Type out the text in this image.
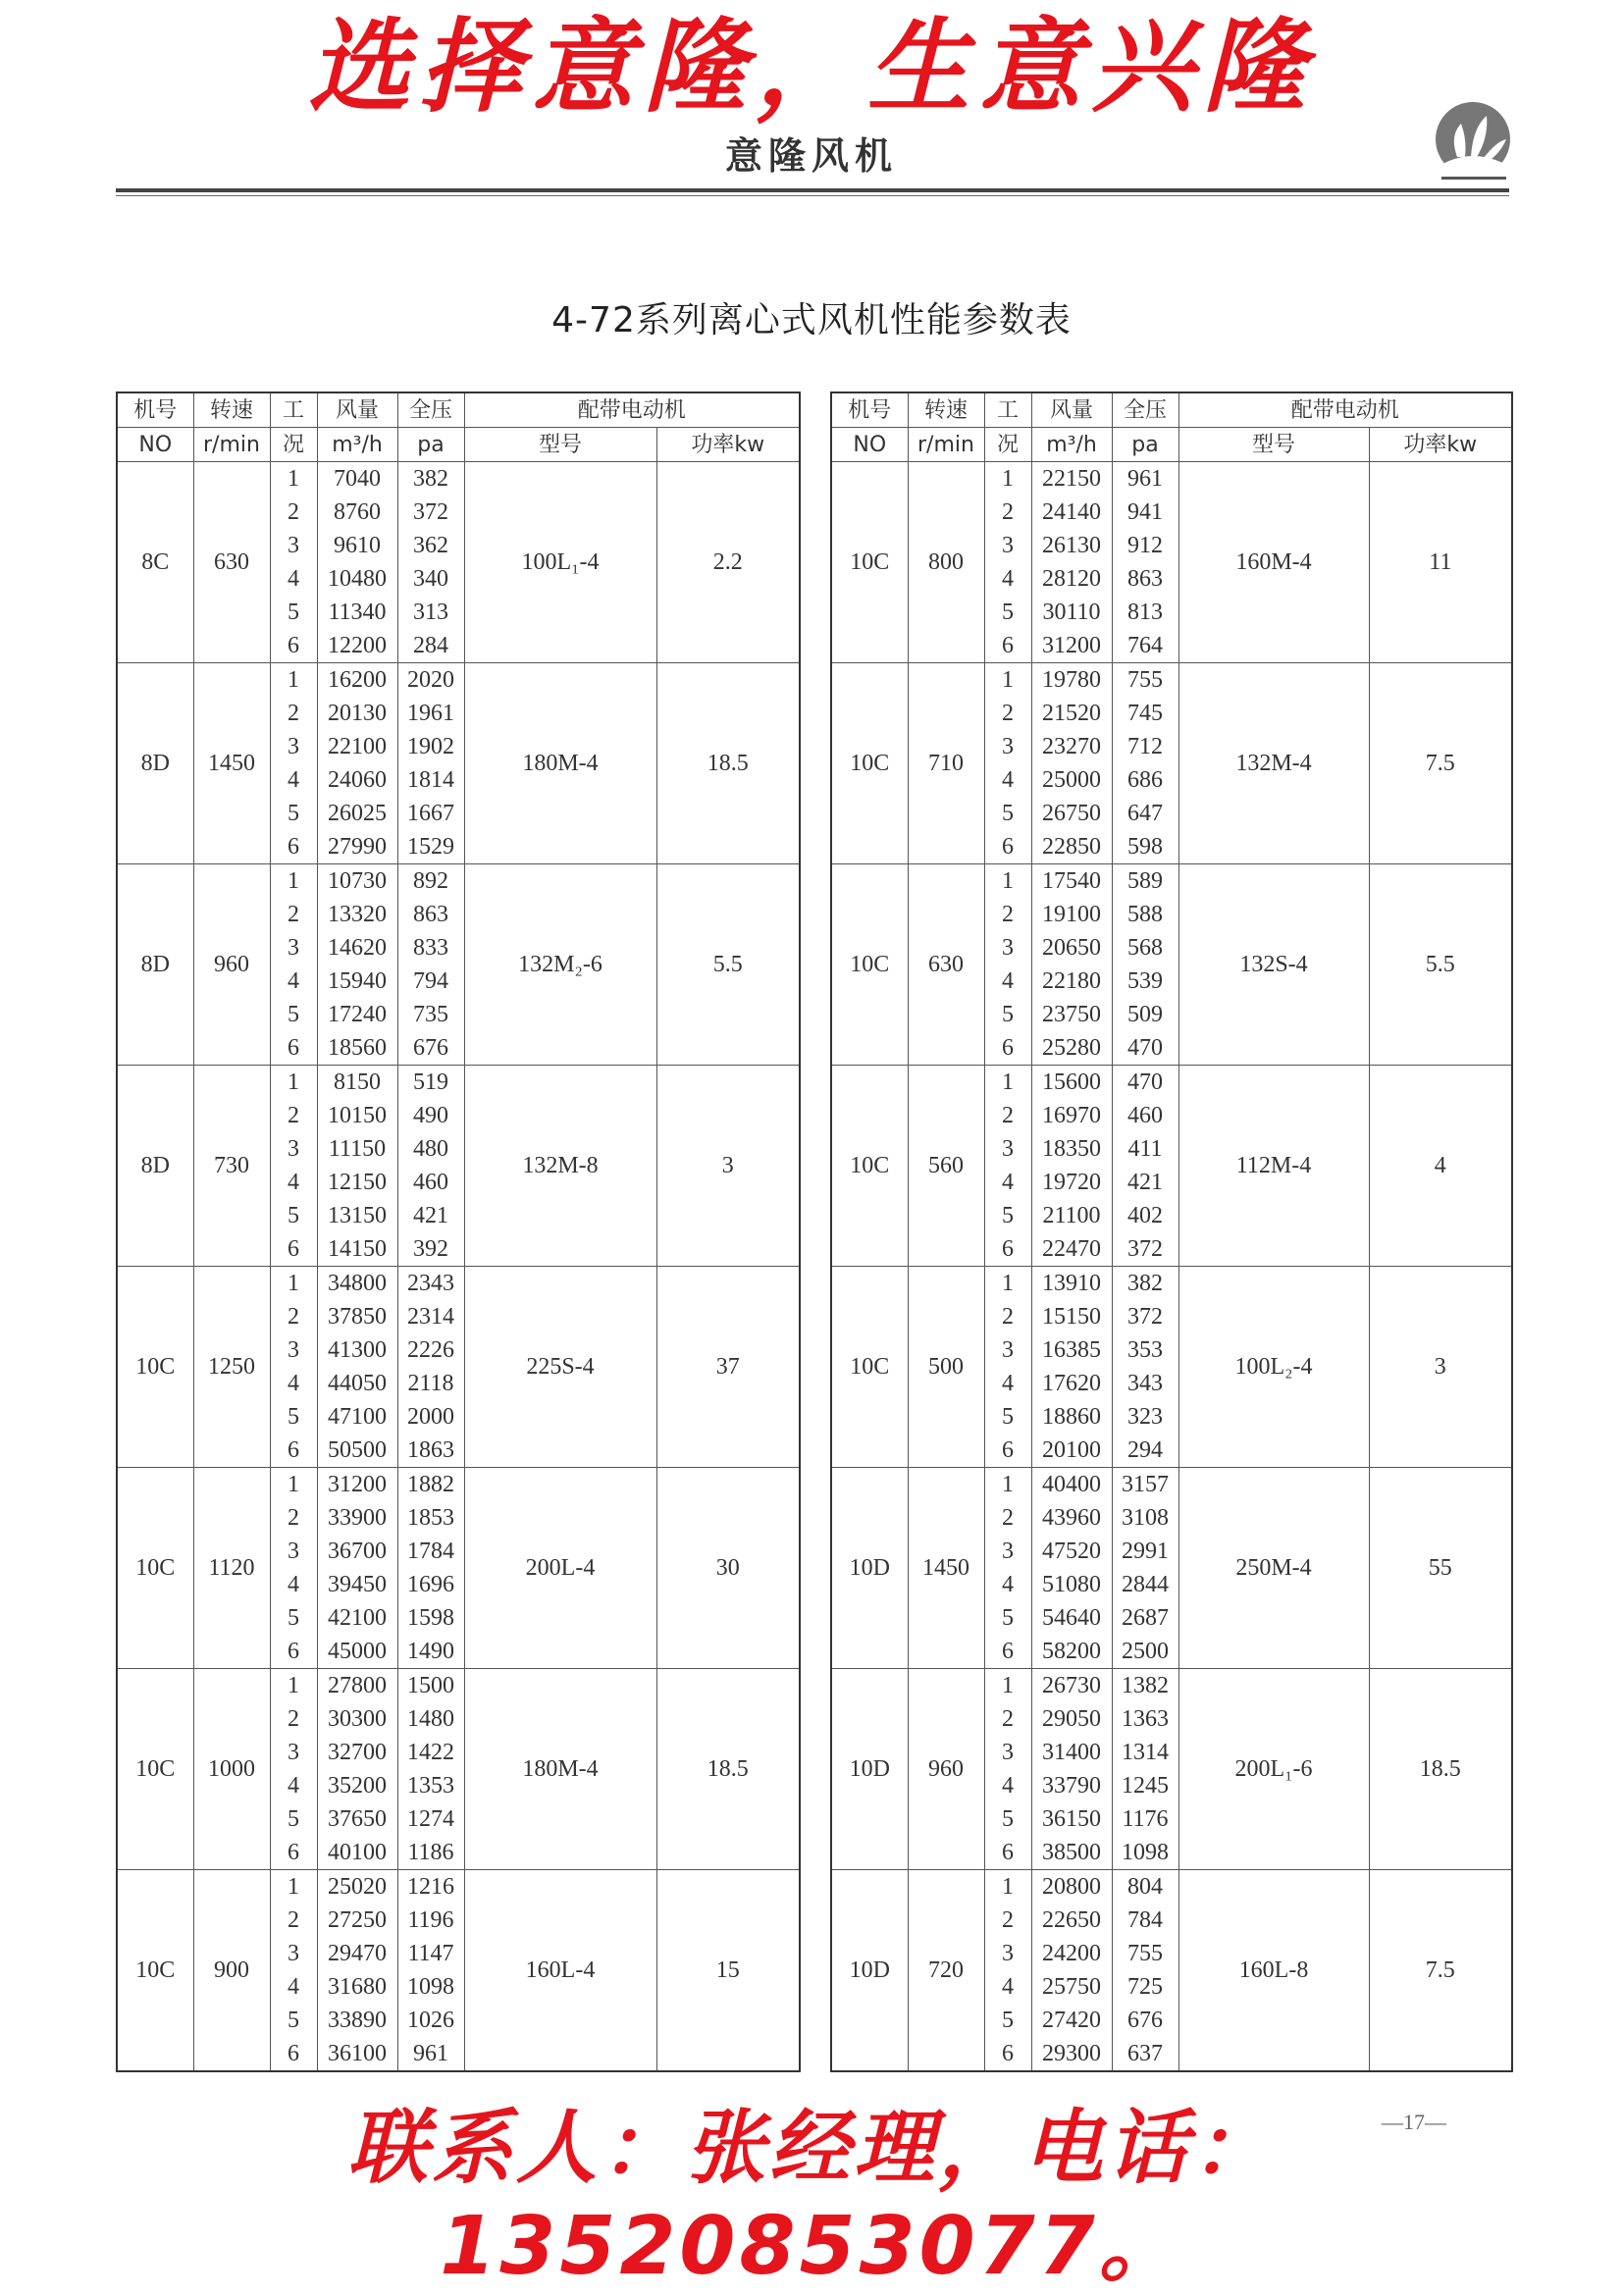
选择意隆，生意兴隆
意隆风机
4-72系列离心式风机性能参数表
机号	转速	工	风量	全压	配带电动机	
NO	r/min	况	m³/h	pa	型号	功率kw
8C	630	1	7040	382	100L₁-4	2.2
		2	8760	372		
		3	9610	362		
		4	10480	340		
		5	11340	313		
		6	12200	284		
8D	1450	1	16200	2020	180M-4	18.5
		2	20130	1961		
		3	22100	1902		
		4	24060	1814		
		5	26025	1667		
		6	27990	1529		
8D	960	1	10730	892	132M₂-6	5.5
		2	13320	863		
		3	14620	833		
		4	15940	794		
		5	17240	735		
		6	18560	676		
8D	730	1	8150	519	132M-8	3
		2	10150	490		
		3	11150	480		
		4	12150	460		
		5	13150	421		
		6	14150	392		
10C	1250	1	34800	2343	225S-4	37
		2	37850	2314		
		3	41300	2226		
		4	44050	2118		
		5	47100	2000		
		6	50500	1863		
10C	1120	1	31200	1882	200L-4	30
		2	33900	1853		
		3	36700	1784		
		4	39450	1696		
		5	42100	1598		
		6	45000	1490		
10C	1000	1	27800	1500	180M-4	18.5
		2	30300	1480		
		3	32700	1422		
		4	35200	1353		
		5	37650	1274		
		6	40100	1186		
10C	900	1	25020	1216	160L-4	15
		2	27250	1196		
		3	29470	1147		
		4	31680	1098		
		5	33890	1026		
		6	36100	961		
机号	转速	工	风量	全压	配带电动机	
NO	r/min	况	m³/h	pa	型号	功率kw
10C	800	1	22150	961	160M-4	11
		2	24140	941		
		3	26130	912		
		4	28120	863		
		5	30110	813		
		6	31200	764		
10C	710	1	19780	755	132M-4	7.5
		2	21520	745		
		3	23270	712		
		4	25000	686		
		5	26750	647		
		6	22850	598		
10C	630	1	17540	589	132S-4	5.5
		2	19100	588		
		3	20650	568		
		4	22180	539		
		5	23750	509		
		6	25280	470		
10C	560	1	15600	470	112M-4	4
		2	16970	460		
		3	18350	411		
		4	19720	421		
		5	21100	402		
		6	22470	372		
10C	500	1	13910	382	100L₂-4	3
		2	15150	372		
		3	16385	353		
		4	17620	343		
		5	18860	323		
		6	20100	294		
10D	1450	1	40400	3157	250M-4	55
		2	43960	3108		
		3	47520	2991		
		4	51080	2844		
		5	54640	2687		
		6	58200	2500		
10D	960	1	26730	1382	200L₁-6	18.5
		2	29050	1363		
		3	31400	1314		
		4	33790	1245		
		5	36150	1176		
		6	38500	1098		
10D	720	1	20800	804	160L-8	7.5
		2	22650	784		
		3	24200	755		
		4	25750	725		
		5	27420	676		
		6	29300	637		
—17—
联系人：张经理，电话：13520853077。
